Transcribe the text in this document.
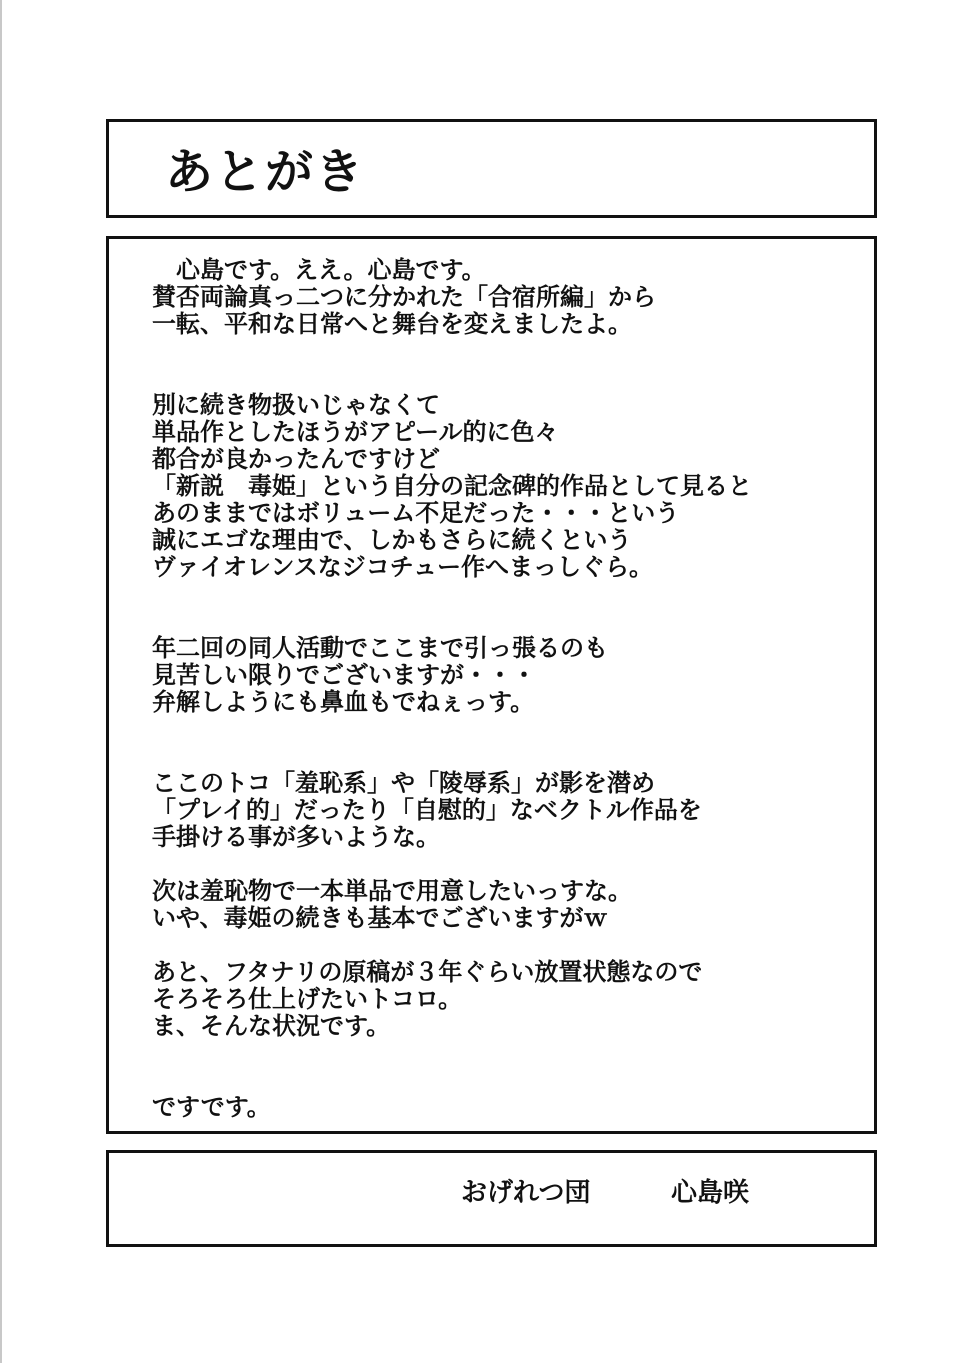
あとがき

　心島です。ええ。心島です。
賛否両論真っ二つに分かれた「合宿所編」から
一転、平和な日常へと舞台を変えましたよ。

別に続き物扱いじゃなくて
単品作としたほうがアピール的に色々
都合が良かったんですけど
「新説　毒姫」という自分の記念碑的作品として見ると
あのままではボリューム不足だった・・・という
誠にエゴな理由で、しかもさらに続くという
ヴァイオレンスなジコチュー作へまっしぐら。

年二回の同人活動でここまで引っ張るのも
見苦しい限りでございますが・・・
弁解しようにも鼻血もでねぇっす。

ここのトコ「羞恥系」や「陵辱系」が影を潜め
「プレイ的」だったり「自慰的」なベクトル作品を
手掛ける事が多いような。

次は羞恥物で一本単品で用意したいっすな。
いや、毒姫の続きも基本でございますがｗ

あと、フタナリの原稿が３年ぐらい放置状態なので
そろそろ仕上げたいトコロ。
ま、そんな状況です。

ですです。

おげれつ団	心島咲
